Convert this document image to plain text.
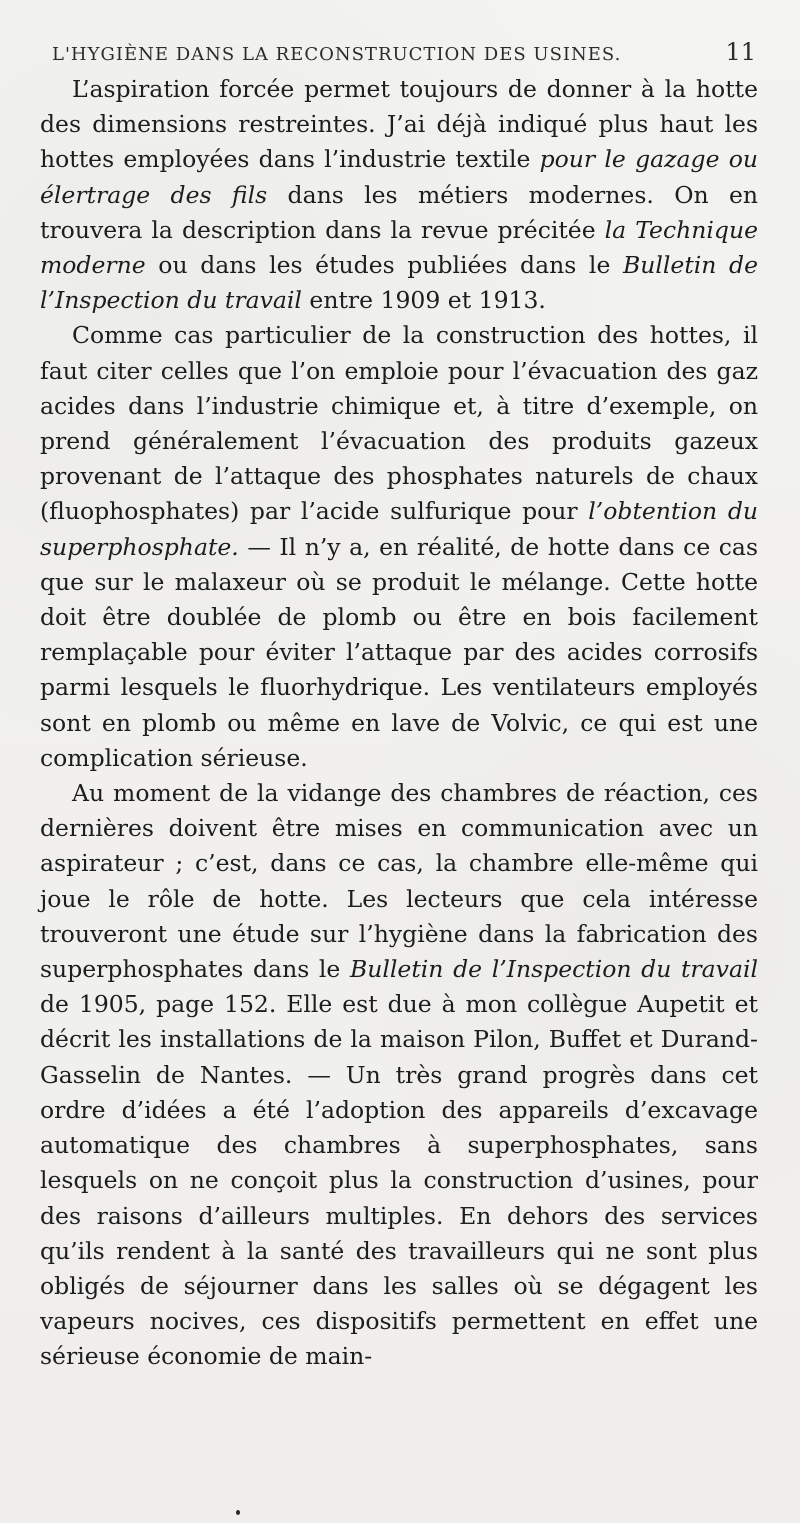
L'HYGIÈNE DANS LA RECONSTRUCTION DES USINES.	11

L’aspiration forcée permet toujours de donner à la hotte des dimensions restreintes. J’ai déjà indiqué plus haut les hottes employées dans l’industrie textile pour le gazage ou élertrage des fils dans les métiers modernes. On en trouvera la description dans la revue précitée la Technique moderne ou dans les études publiées dans le Bulletin de l’Inspection du travail entre 1909 et 1913.

Comme cas particulier de la construction des hottes, il faut citer celles que l’on emploie pour l’évacuation des gaz acides dans l’industrie chimique et, à titre d’exemple, on prend généralement l’évacuation des produits gazeux provenant de l’attaque des phosphates naturels de chaux (fluophosphates) par l’acide sulfurique pour l’obtention du superphosphate. — Il n’y a, en réalité, de hotte dans ce cas que sur le malaxeur où se produit le mélange. Cette hotte doit être doublée de plomb ou être en bois facilement remplaçable pour éviter l’attaque par des acides corrosifs parmi lesquels le fluorhydrique. Les ventilateurs employés sont en plomb ou même en lave de Volvic, ce qui est une complication sérieuse.

Au moment de la vidange des chambres de réaction, ces dernières doivent être mises en communication avec un aspirateur ; c’est, dans ce cas, la chambre elle-même qui joue le rôle de hotte. Les lecteurs que cela intéresse trouveront une étude sur l’hygiène dans la fabrication des superphosphates dans le Bulletin de l’Inspection du travail de 1905, page 152. Elle est due à mon collègue Aupetit et décrit les installations de la maison Pilon, Buffet et Durand-Gasselin de Nantes. — Un très grand progrès dans cet ordre d’idées a été l’adoption des appareils d’excavage automatique des chambres à superphosphates, sans lesquels on ne conçoit plus la construction d’usines, pour des raisons d’ailleurs multiples. En dehors des services qu’ils rendent à la santé des travailleurs qui ne sont plus obligés de séjourner dans les salles où se dégagent les vapeurs nocives, ces dispositifs permettent en effet une sérieuse économie de main-
